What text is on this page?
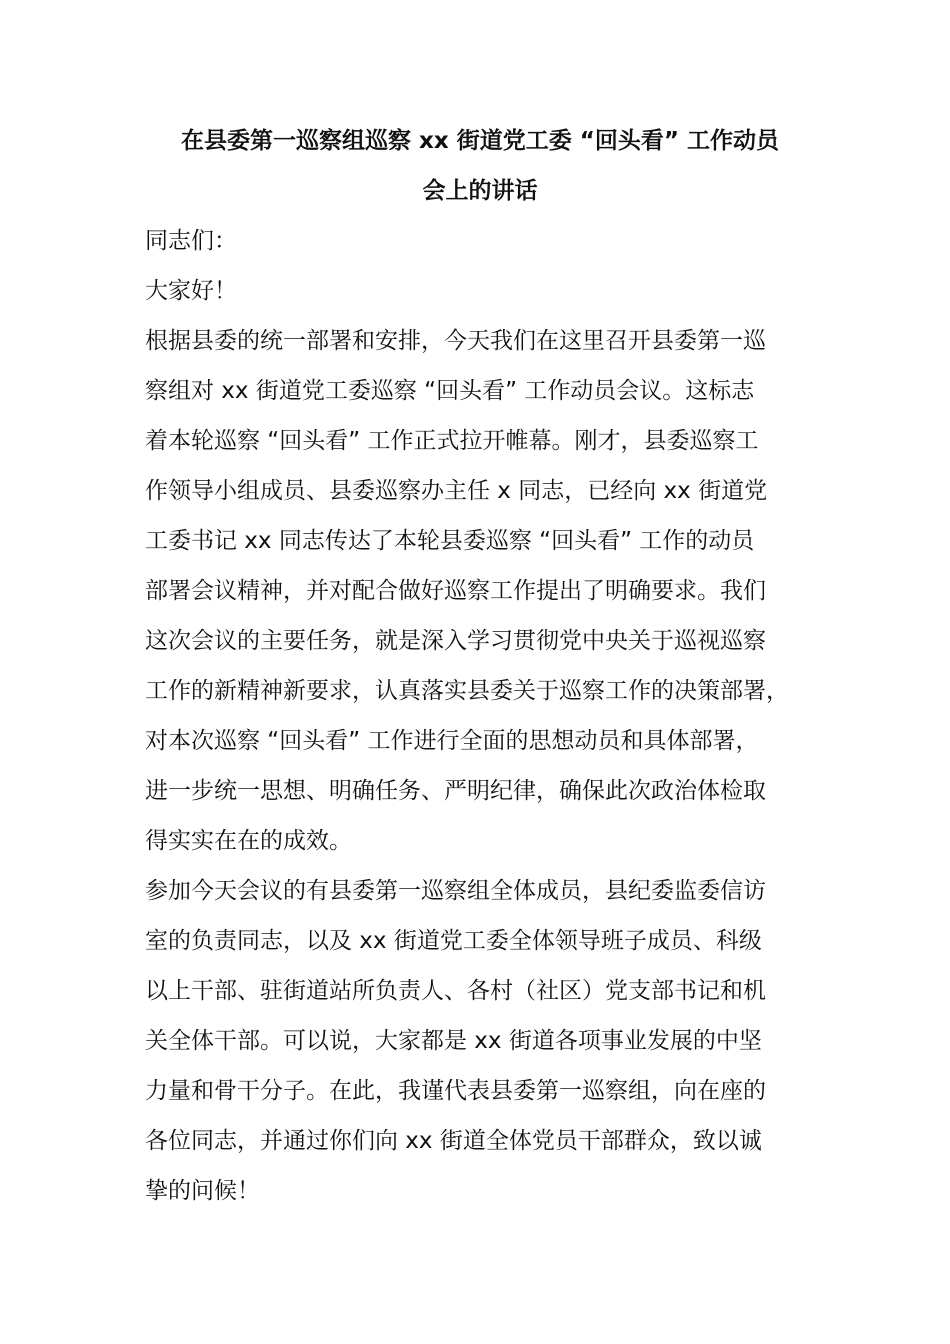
在县委第一巡察组巡察 xx 街道党工委 “回头看” 工作动员
会上的讲话
同志们：
大家好！
根据县委的统一部署和安排，今天我们在这里召开县委第一巡
察组对 xx 街道党工委巡察 “回头看” 工作动员会议。这标志
着本轮巡察 “回头看” 工作正式拉开帷幕。刚才，县委巡察工
作领导小组成员、县委巡察办主任 x 同志，已经向 xx 街道党
工委书记 xx 同志传达了本轮县委巡察 “回头看” 工作的动员
部署会议精神，并对配合做好巡察工作提出了明确要求。我们
这次会议的主要任务，就是深入学习贯彻党中央关于巡视巡察
工作的新精神新要求，认真落实县委关于巡察工作的决策部署，
对本次巡察 “回头看” 工作进行全面的思想动员和具体部署，
进一步统一思想、明确任务、严明纪律，确保此次政治体检取
得实实在在的成效。
参加今天会议的有县委第一巡察组全体成员，县纪委监委信访
室的负责同志，以及 xx 街道党工委全体领导班子成员、科级
以上干部、驻街道站所负责人、各村（社区）党支部书记和机
关全体干部。可以说，大家都是 xx 街道各项事业发展的中坚
力量和骨干分子。在此，我谨代表县委第一巡察组，向在座的
各位同志，并通过你们向 xx 街道全体党员干部群众，致以诚
挚的问候！
